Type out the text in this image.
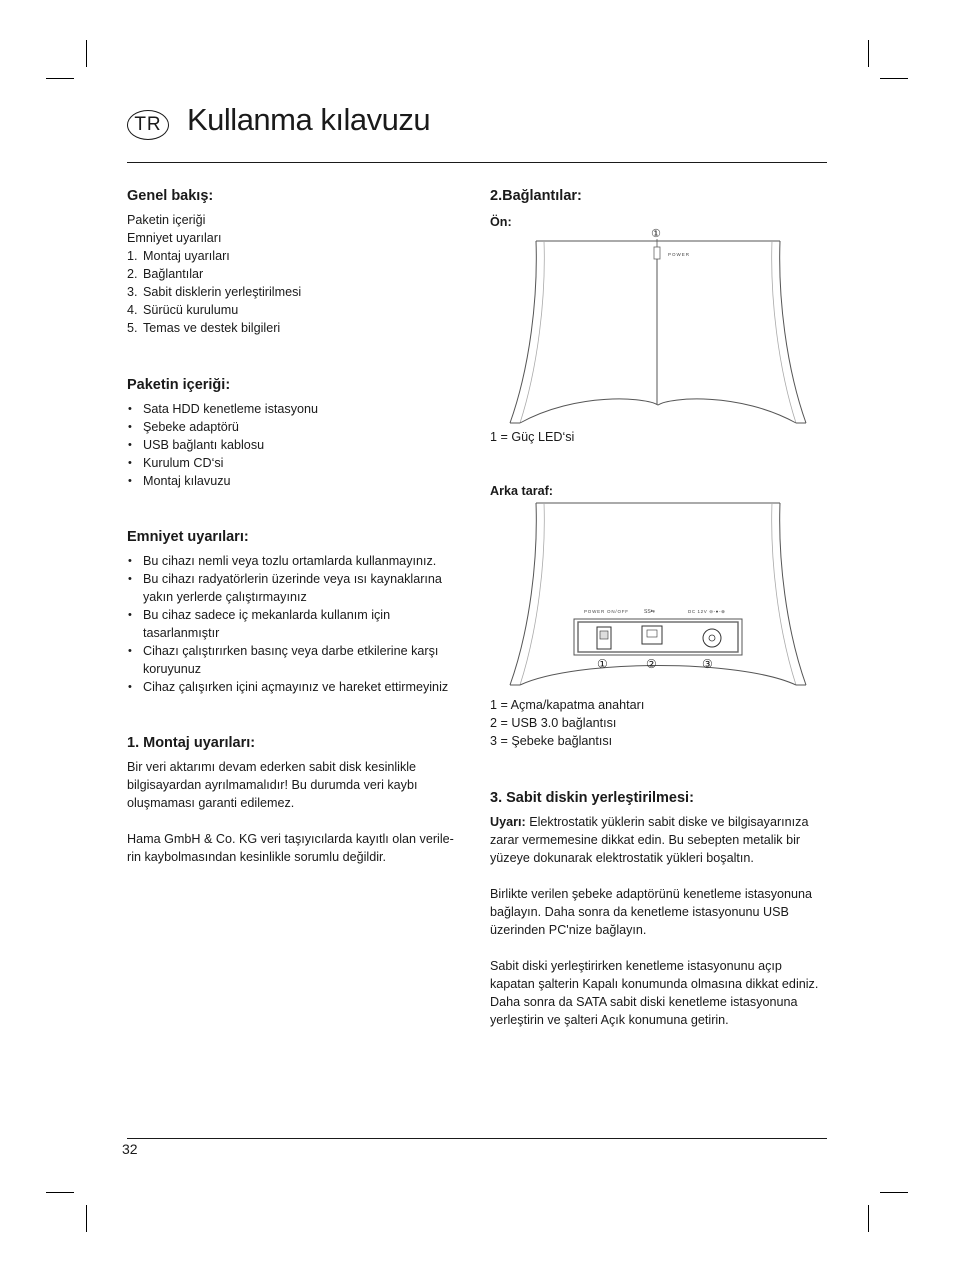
TR Kullanma kılavuzu
Genel bakış:

Paketin içeriği

Emniyet uyarıları

1. Montaj uyarıları
2. Bağlantılar
3. Sabit disklerin yerleştirilmesi
4. Sürücü kurulumu
5. Temas ve destek bilgileri
Paketin içeriği:
• Sata HDD kenetleme istasyonu
• Şebeke adaptörü
• USB bağlantı kablosu
• Kurulum CD‘si
• Montaj kılavuzu
Emniyet uyarıları:
• Bu cihazı nemli veya tozlu ortamlarda kullanmayınız.
• Bu cihazı radyatörlerin üzerinde veya ısı kaynaklarına yakın yerlerde çalıştırmayınız
• Bu cihaz sadece iç mekanlarda kullanım için tasarlanmıştır
• Cihazı çalıştırırken basınç veya darbe etkilerine karşı koruyunuz
• Cihaz çalışırken içini açmayınız ve hareket ettirmeyiniz
1. Montaj uyarıları:

Bir veri aktarımı devam ederken sabit disk kesinlikle bilgisayardan ayrılmamalıdır! Bu durumda veri kaybı oluşmaması garanti edilemez.

Hama GmbH & Co. KG veri taşıyıcılarda kayıtlı olan verile-rin kaybolmasından kesinlikle sorumlu değildir.

2.Bağlantılar:
Ön:
①
POWER
1 = Güç LED‘si
Arka taraf:
POWER ON/OFF	SS⇆	DC 12V ⊖-●-⊕
①	②	③

1 = Açma/kapatma anahtarı

2 = USB 3.0 bağlantısı

3 = Şebeke bağlantısı

3. Sabit diskin yerleştirilmesi:

Uyarı: Elektrostatik yüklerin sabit diske ve bilgisayarınıza zarar vermemesine dikkat edin. Bu sebepten metalik bir yüzeye dokunarak elektrostatik yükleri boşaltın.

Birlikte verilen şebeke adaptörünü kenetleme istasyonuna bağlayın. Daha sonra da kenetleme istasyonunu USB üzerinden PC'nize bağlayın.

Sabit diski yerleştirirken kenetleme istasyonunu açıp kapatan şalterin Kapalı konumunda olmasına dikkat ediniz. Daha sonra da SATA sabit diski kenetleme istasyonuna yerleştirin ve şalteri Açık konumuna getirin.

32
